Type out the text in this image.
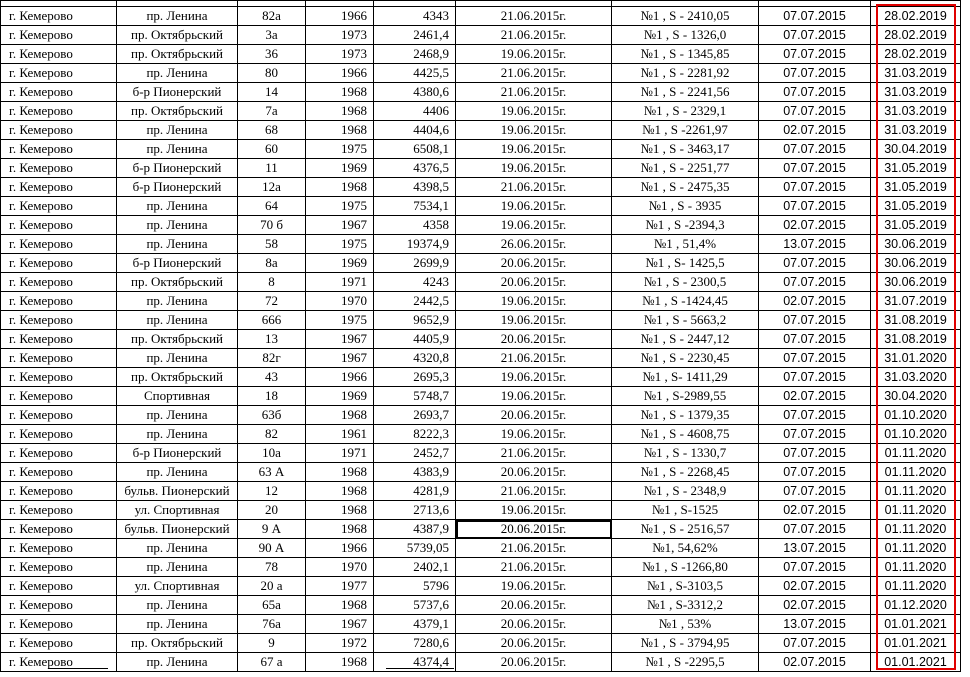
г. Кемерово	пр. Ленина	82а	1966	4343	21.06.2015г.	№1 , S - 2410,05	07.07.2015	28.02.2019
г. Кемерово	пр. Октябрьский	3а	1973	2461,4	21.06.2015г.	№1 , S - 1326,0	07.07.2015	28.02.2019
г. Кемерово	пр. Октябрьский	36	1973	2468,9	19.06.2015г.	№1 , S - 1345,85	07.07.2015	28.02.2019
г. Кемерово	пр. Ленина	80	1966	4425,5	21.06.2015г.	№1 , S - 2281,92	07.07.2015	31.03.2019
г. Кемерово	б-р Пионерский	14	1968	4380,6	21.06.2015г.	№1 , S - 2241,56	07.07.2015	31.03.2019
г. Кемерово	пр. Октябрьский	7а	1968	4406	19.06.2015г.	№1 , S - 2329,1	07.07.2015	31.03.2019
г. Кемерово	пр. Ленина	68	1968	4404,6	19.06.2015г.	№1 , S -2261,97	02.07.2015	31.03.2019
г. Кемерово	пр. Ленина	60	1975	6508,1	19.06.2015г.	№1 , S - 3463,17	07.07.2015	30.04.2019
г. Кемерово	б-р Пионерский	11	1969	4376,5	19.06.2015г.	№1 , S - 2251,77	07.07.2015	31.05.2019
г. Кемерово	б-р Пионерский	12а	1968	4398,5	21.06.2015г.	№1 , S - 2475,35	07.07.2015	31.05.2019
г. Кемерово	пр. Ленина	64	1975	7534,1	19.06.2015г.	№1 , S - 3935	07.07.2015	31.05.2019
г. Кемерово	пр. Ленина	70 б	1967	4358	19.06.2015г.	№1 , S -2394,3	02.07.2015	31.05.2019
г. Кемерово	пр. Ленина	58	1975	19374,9	26.06.2015г.	№1 , 51,4%	13.07.2015	30.06.2019
г. Кемерово	б-р Пионерский	8а	1969	2699,9	20.06.2015г.	№1 , S- 1425,5	07.07.2015	30.06.2019
г. Кемерово	пр. Октябрьский	8	1971	4243	20.06.2015г.	№1 , S - 2300,5	07.07.2015	30.06.2019
г. Кемерово	пр. Ленина	72	1970	2442,5	19.06.2015г.	№1 , S -1424,45	02.07.2015	31.07.2019
г. Кемерово	пр. Ленина	666	1975	9652,9	19.06.2015г.	№1 , S - 5663,2	07.07.2015	31.08.2019
г. Кемерово	пр. Октябрьский	13	1967	4405,9	20.06.2015г.	№1 , S - 2447,12	07.07.2015	31.08.2019
г. Кемерово	пр. Ленина	82г	1967	4320,8	21.06.2015г.	№1 , S - 2230,45	07.07.2015	31.01.2020
г. Кемерово	пр. Октябрьский	43	1966	2695,3	19.06.2015г.	№1 , S- 1411,29	07.07.2015	31.03.2020
г. Кемерово	Спортивная	18	1969	5748,7	19.06.2015г.	№1 , S-2989,55	02.07.2015	30.04.2020
г. Кемерово	пр. Ленина	63б	1968	2693,7	20.06.2015г.	№1 , S - 1379,35	07.07.2015	01.10.2020
г. Кемерово	пр. Ленина	82	1961	8222,3	19.06.2015г.	№1 , S - 4608,75	07.07.2015	01.10.2020
г. Кемерово	б-р Пионерский	10а	1971	2452,7	21.06.2015г.	№1 , S - 1330,7	07.07.2015	01.11.2020
г. Кемерово	пр. Ленина	63 А	1968	4383,9	20.06.2015г.	№1 , S - 2268,45	07.07.2015	01.11.2020
г. Кемерово	бульв. Пионерский	12	1968	4281,9	21.06.2015г.	№1 , S - 2348,9	07.07.2015	01.11.2020
г. Кемерово	ул. Спортивная	20	1968	2713,6	19.06.2015г.	№1 , S-1525	02.07.2015	01.11.2020
г. Кемерово	бульв. Пионерский	9 А	1968	4387,9	20.06.2015г.	№1 , S - 2516,57	07.07.2015	01.11.2020
г. Кемерово	пр. Ленина	90 А	1966	5739,05	21.06.2015г.	№1, 54,62%	13.07.2015	01.11.2020
г. Кемерово	пр. Ленина	78	1970	2402,1	21.06.2015г.	№1 , S -1266,80	07.07.2015	01.11.2020
г. Кемерово	ул. Спортивная	20 а	1977	5796	19.06.2015г.	№1 , S-3103,5	02.07.2015	01.11.2020
г. Кемерово	пр. Ленина	65а	1968	5737,6	20.06.2015г.	№1 , S-3312,2	02.07.2015	01.12.2020
г. Кемерово	пр. Ленина	76а	1967	4379,1	20.06.2015г.	№1 , 53%	13.07.2015	01.01.2021
г. Кемерово	пр. Октябрьский	9	1972	7280,6	20.06.2015г.	№1 , S - 3794,95	07.07.2015	01.01.2021
г. Кемерово	пр. Ленина	67 а	1968	4374,4	20.06.2015г.	№1 , S -2295,5	02.07.2015	01.01.2021
